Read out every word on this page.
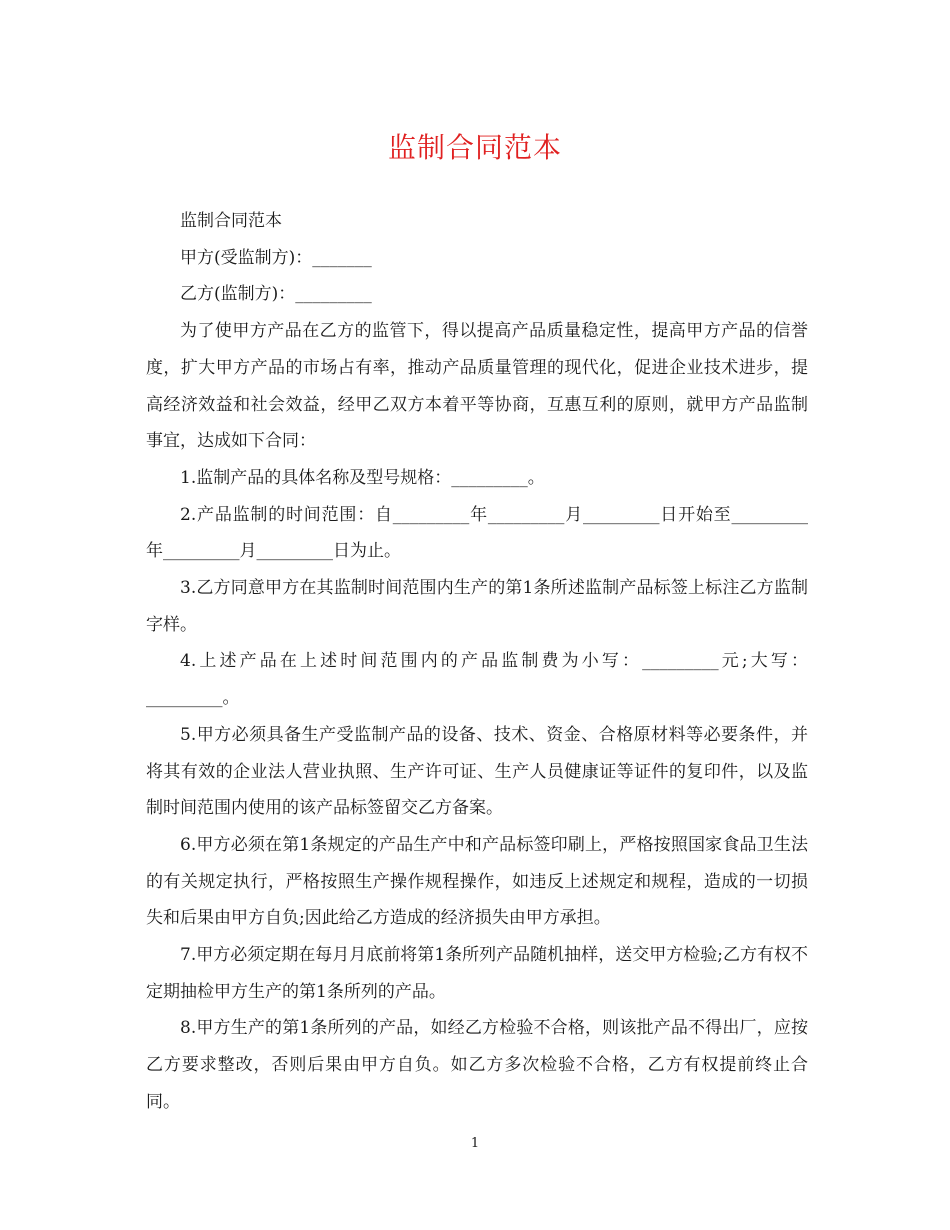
监制合同范本

监制合同范本

甲方(受监制方)：_______

乙方(监制方)：_________

为了使甲方产品在乙方的监管下，得以提高产品质量稳定性，提高甲方产品的信誉度，扩大甲方产品的市场占有率，推动产品质量管理的现代化，促进企业技术进步，提高经济效益和社会效益，经甲乙双方本着平等协商，互惠互利的原则，就甲方产品监制事宜，达成如下合同：

1.监制产品的具体名称及型号规格：_________。

2.产品监制的时间范围：自_________年_________月_________日开始至_________年_________月_________日为止。

3.乙方同意甲方在其监制时间范围内生产的第1条所述监制产品标签上标注乙方监制字样。

4.上述产品在上述时间范围内的产品监制费为小写：_________元;大写：_________。

5.甲方必须具备生产受监制产品的设备、技术、资金、合格原材料等必要条件，并将其有效的企业法人营业执照、生产许可证、生产人员健康证等证件的复印件，以及监制时间范围内使用的该产品标签留交乙方备案。

6.甲方必须在第1条规定的产品生产中和产品标签印刷上，严格按照国家食品卫生法的有关规定执行，严格按照生产操作规程操作，如违反上述规定和规程，造成的一切损失和后果由甲方自负;因此给乙方造成的经济损失由甲方承担。

7.甲方必须定期在每月月底前将第1条所列产品随机抽样，送交甲方检验;乙方有权不定期抽检甲方生产的第1条所列的产品。

8.甲方生产的第1条所列的产品，如经乙方检验不合格，则该批产品不得出厂，应按乙方要求整改，否则后果由甲方自负。如乙方多次检验不合格，乙方有权提前终止合同。

1
